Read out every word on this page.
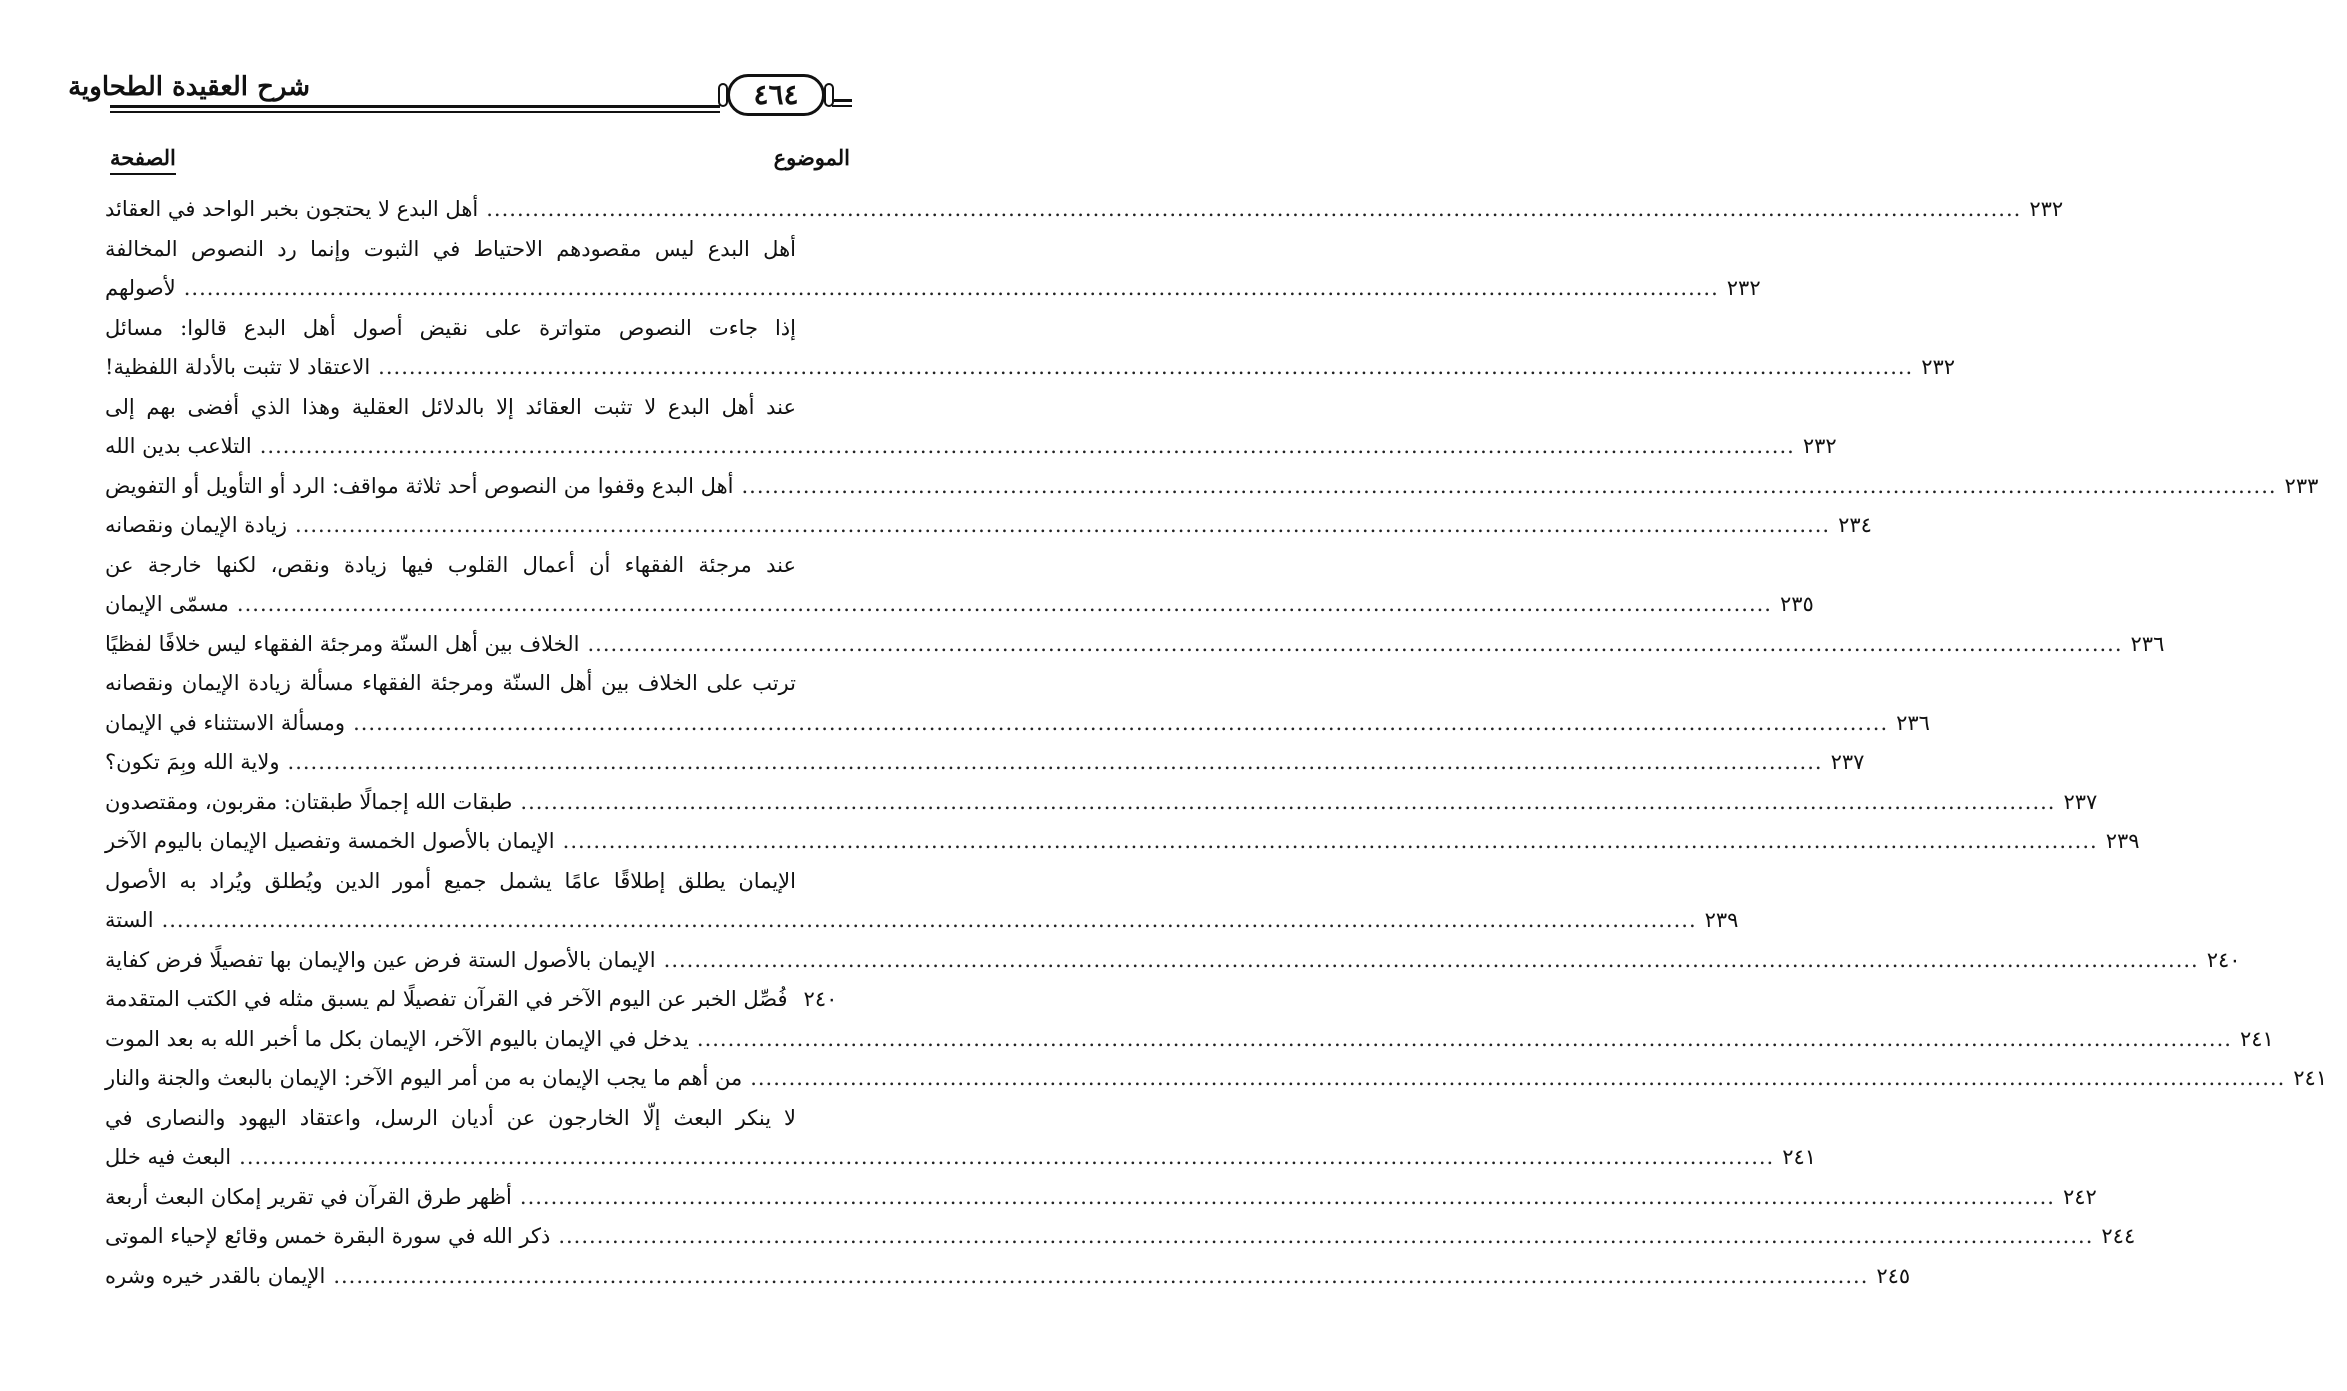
شرح العقيدة الطحاوية	٤٦٤
الموضوع
الصفحة
أهل البدع لا يحتجون بخبر الواحد في العقائد ........................................................................................................................................................................................................ ٢٣٢
أهل البدع ليس مقصودهم الاحتياط في الثبوت وإنما رد النصوص المخالفة
لأصولهم ........................................................................................................................................................................................................ ٢٣٢
إذا جاءت النصوص متواترة على نقيض أصول أهل البدع قالوا: مسائل
الاعتقاد لا تثبت بالأدلة اللفظية! ........................................................................................................................................................................................................ ٢٣٢
عند أهل البدع لا تثبت العقائد إلا بالدلائل العقلية وهذا الذي أفضى بهم إلى
التلاعب بدين الله ........................................................................................................................................................................................................ ٢٣٢
أهل البدع وقفوا من النصوص أحد ثلاثة مواقف: الرد أو التأويل أو التفويض ........................................................................................................................................................................................................ ٢٣٣
زيادة الإيمان ونقصانه ........................................................................................................................................................................................................ ٢٣٤
عند مرجئة الفقهاء أن أعمال القلوب فيها زيادة ونقص، لكنها خارجة عن
مسمّى الإيمان ........................................................................................................................................................................................................ ٢٣٥
الخلاف بين أهل السنّة ومرجئة الفقهاء ليس خلافًا لفظيًا ........................................................................................................................................................................................................ ٢٣٦
ترتب على الخلاف بين أهل السنّة ومرجئة الفقهاء مسألة زيادة الإيمان ونقصانه
ومسألة الاستثناء في الإيمان ........................................................................................................................................................................................................ ٢٣٦
ولاية الله وبِمَ تكون؟ ........................................................................................................................................................................................................ ٢٣٧
طبقات الله إجمالًا طبقتان: مقربون، ومقتصدون ........................................................................................................................................................................................................ ٢٣٧
الإيمان بالأصول الخمسة وتفصيل الإيمان باليوم الآخر ........................................................................................................................................................................................................ ٢٣٩
الإيمان يطلق إطلاقًا عامًا يشمل جميع أمور الدين ويُطلق ويُراد به الأصول
الستة ........................................................................................................................................................................................................ ٢٣٩
الإيمان بالأصول الستة فرض عين والإيمان بها تفصيلًا فرض كفاية ........................................................................................................................................................................................................ ٢٤٠
فُصِّل الخبر عن اليوم الآخر في القرآن تفصيلًا لم يسبق مثله في الكتب المتقدمة ٢٤٠
يدخل في الإيمان باليوم الآخر، الإيمان بكل ما أخبر الله به بعد الموت ........................................................................................................................................................................................................ ٢٤١
من أهم ما يجب الإيمان به من أمر اليوم الآخر: الإيمان بالبعث والجنة والنار ........................................................................................................................................................................................................ ٢٤١
لا ينكر البعث إلّا الخارجون عن أديان الرسل، واعتقاد اليهود والنصارى في
البعث فيه خلل ........................................................................................................................................................................................................ ٢٤١
أظهر طرق القرآن في تقرير إمكان البعث أربعة ........................................................................................................................................................................................................ ٢٤٢
ذكر الله في سورة البقرة خمس وقائع لإحياء الموتى ........................................................................................................................................................................................................ ٢٤٤
الإيمان بالقدر خيره وشره ........................................................................................................................................................................................................ ٢٤٥
